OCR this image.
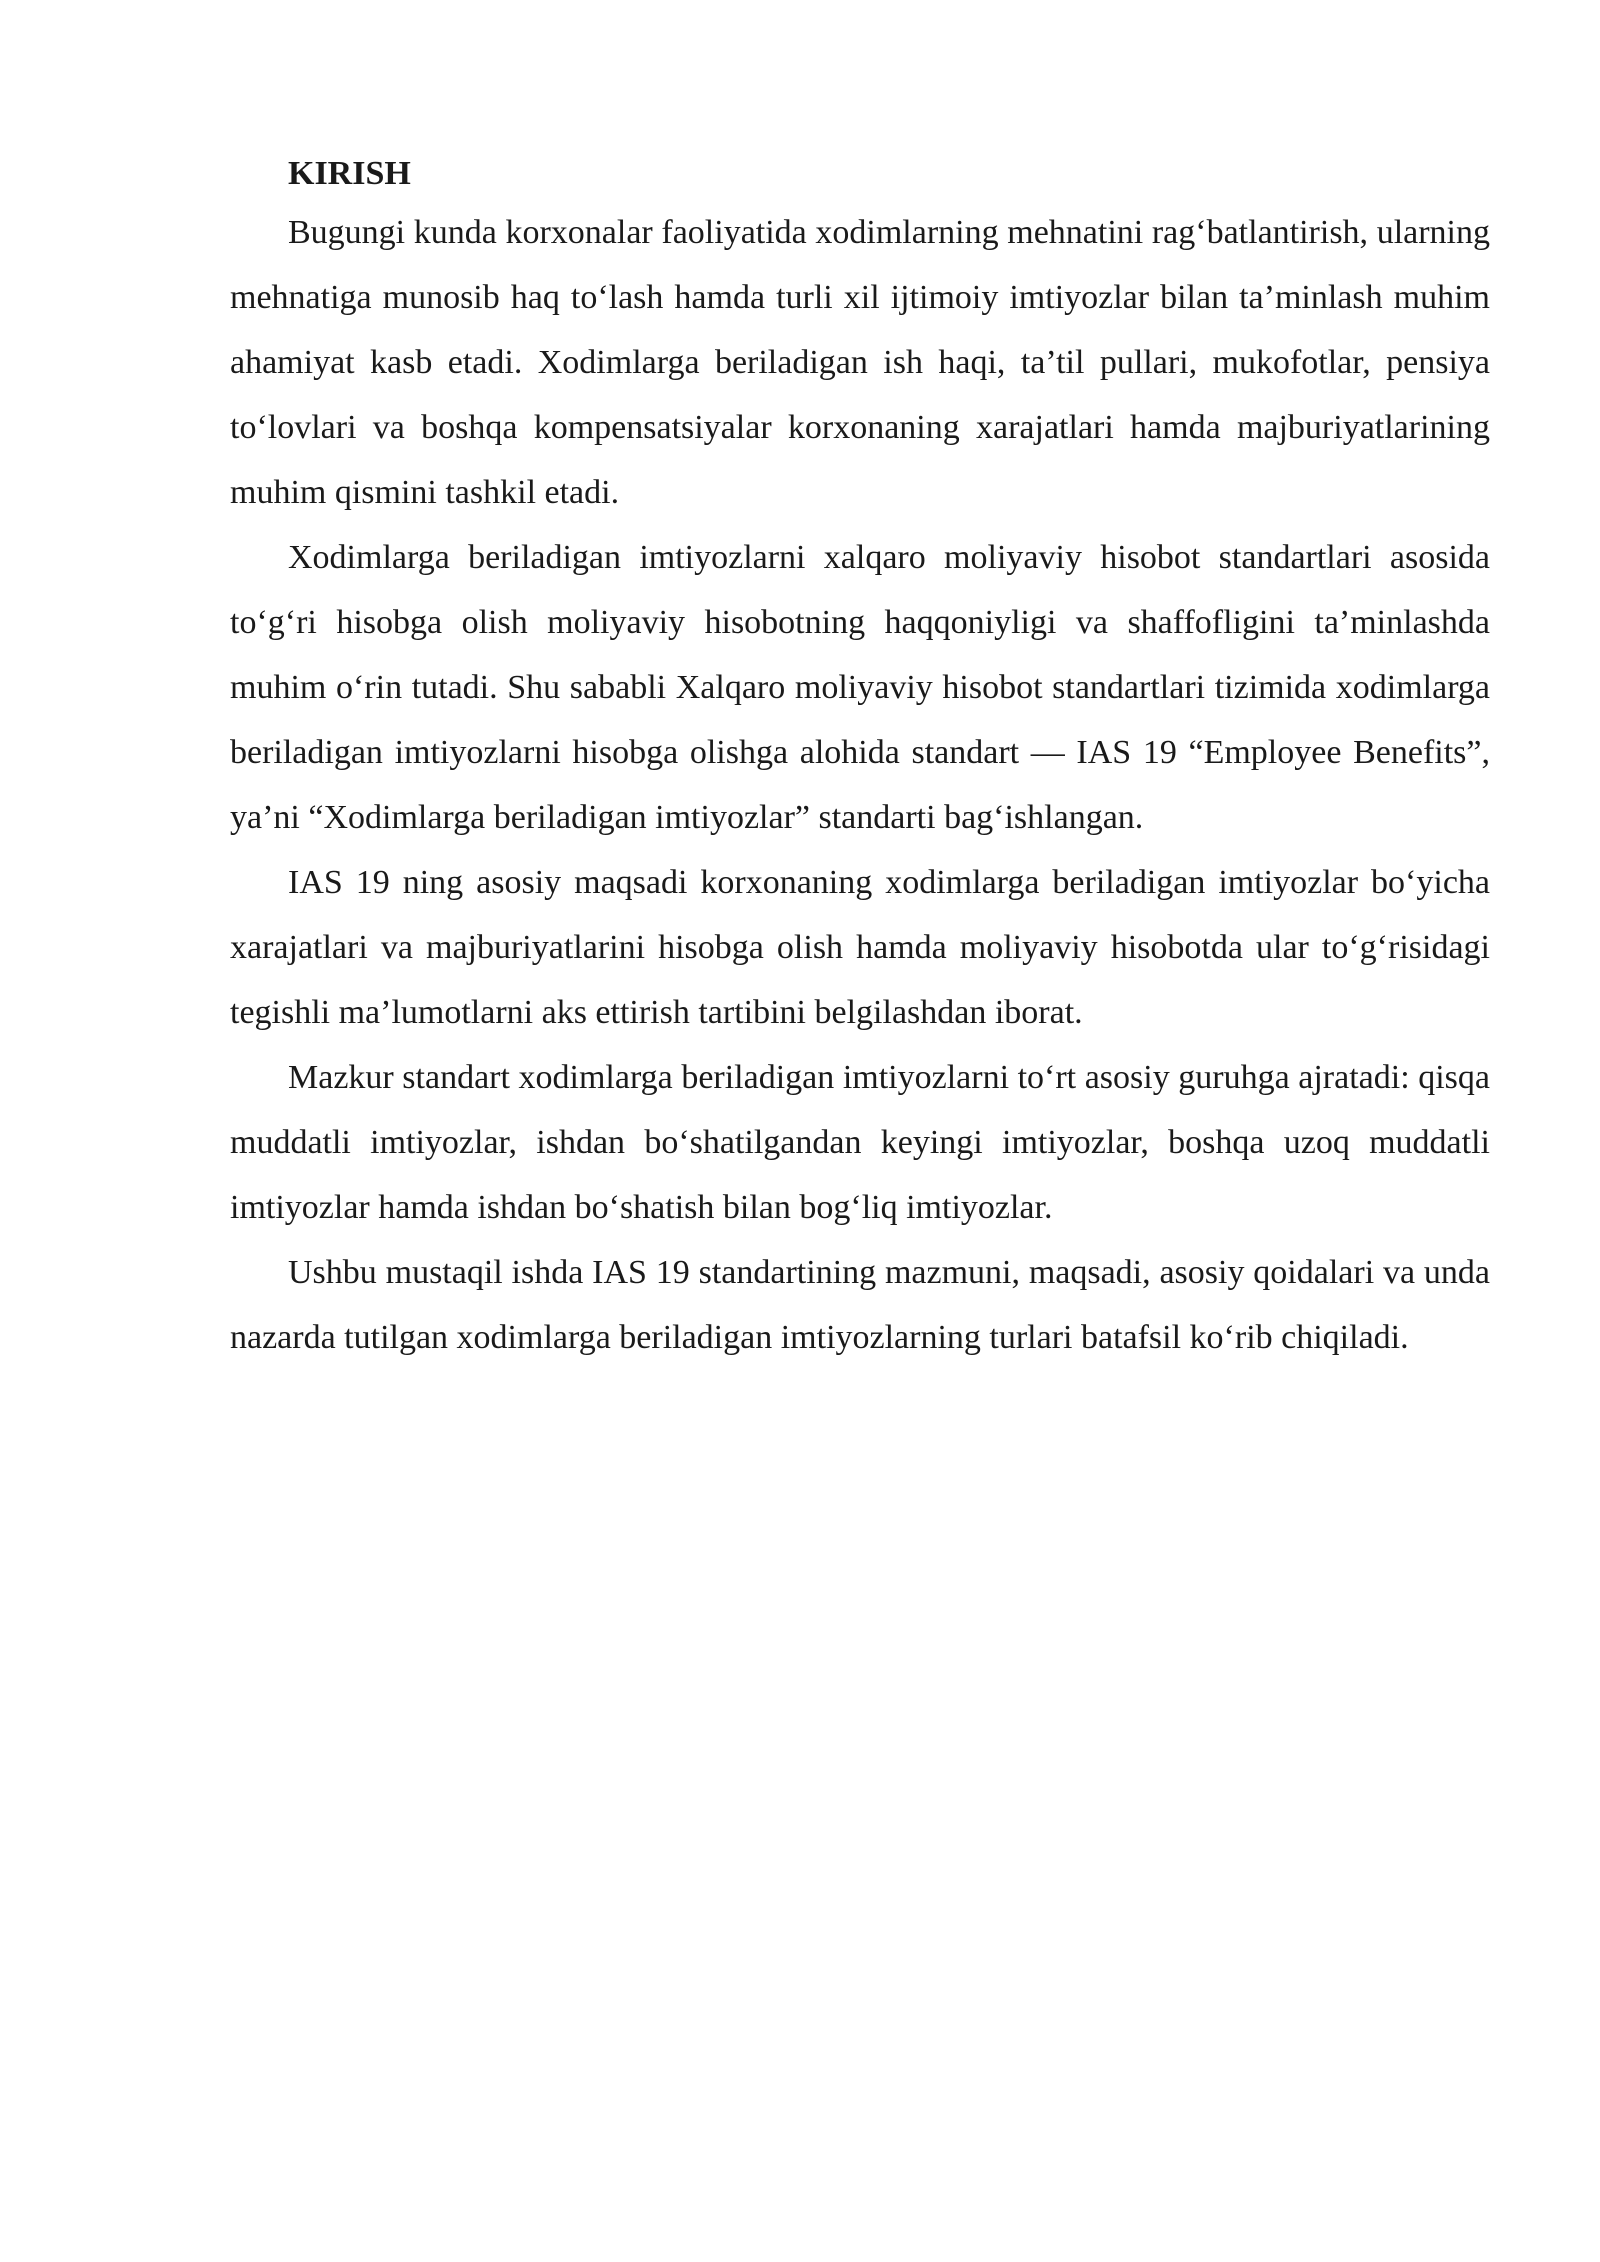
KIRISH

Bugungi kunda korxonalar faoliyatida xodimlarning mehnatini rag‘batlantirish, ularning mehnatiga munosib haq to‘lash hamda turli xil ijtimoiy imtiyozlar bilan ta’minlash muhim ahamiyat kasb etadi. Xodimlarga beriladigan ish haqi, ta’til pullari, mukofotlar, pensiya to‘lovlari va boshqa kompensatsiyalar korxonaning xarajatlari hamda majburiyatlarining muhim qismini tashkil etadi.

Xodimlarga beriladigan imtiyozlarni xalqaro moliyaviy hisobot standartlari asosida to‘g‘ri hisobga olish moliyaviy hisobotning haqqoniyligi va shaffofligini ta’minlashda muhim o‘rin tutadi. Shu sababli Xalqaro moliyaviy hisobot standartlari tizimida xodimlarga beriladigan imtiyozlarni hisobga olishga alohida standart — IAS 19 “Employee Benefits”, ya’ni “Xodimlarga beriladigan imtiyozlar” standarti bag‘ishlangan.

IAS 19 ning asosiy maqsadi korxonaning xodimlarga beriladigan imtiyozlar bo‘yicha xarajatlari va majburiyatlarini hisobga olish hamda moliyaviy hisobotda ular to‘g‘risidagi tegishli ma’lumotlarni aks ettirish tartibini belgilashdan iborat.

Mazkur standart xodimlarga beriladigan imtiyozlarni to‘rt asosiy guruhga ajratadi: qisqa muddatli imtiyozlar, ishdan bo‘shatilgandan keyingi imtiyozlar, boshqa uzoq muddatli imtiyozlar hamda ishdan bo‘shatish bilan bog‘liq imtiyozlar.

Ushbu mustaqil ishda IAS 19 standartining mazmuni, maqsadi, asosiy qoidalari va unda nazarda tutilgan xodimlarga beriladigan imtiyozlarning turlari batafsil ko‘rib chiqiladi.
